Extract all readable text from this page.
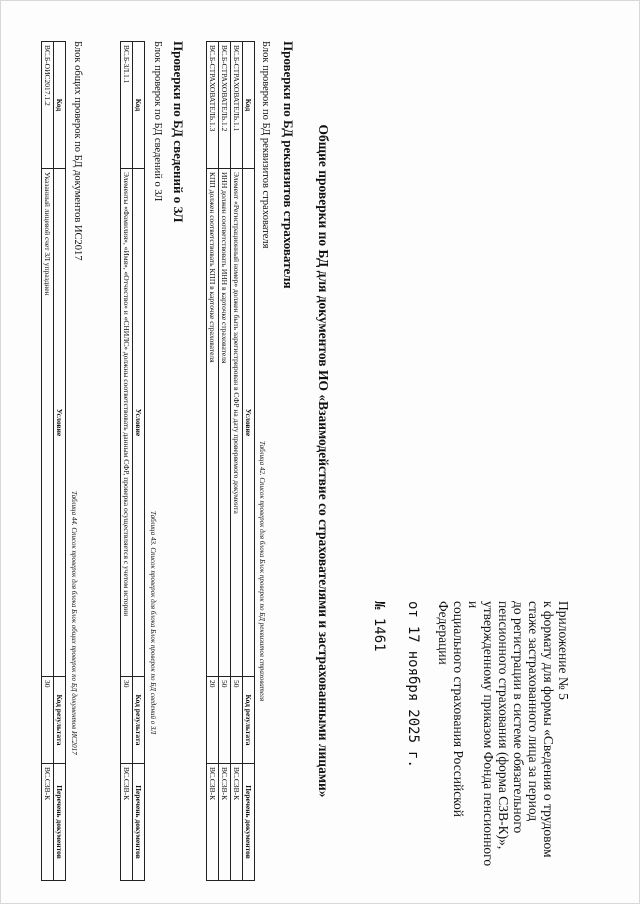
Приложение № 5
к формату для формы «Сведения о трудовом
стаже застрахованного лица за период
до регистрации в системе обязательного
пенсионного страхования (форма СЗВ-К)»,
утвержденному приказом Фонда пенсионного и
социального страхования Российской Федерации
от17ноября2025г.
№ 1461
Общие проверки по БД для документов ИО «Взаимодействие со страхователями и застрахованными лицами»
Проверки по БД реквизитов страхователя
Блок проверок по БД реквизитов страхователя
Таблица 42. Список проверок для блока Блок проверок по БД реквизитов страхователя
Код	Условие	Код результата	Перечень документов
ВС.Б-СТРАХОВАТЕЛЬ.1.1	Элемент «Регистрационный номер» должен быть зарегистрирован в СФР на дату проверяемого документа	50	ВС.СЗВ-К
ВС.Б-СТРАХОВАТЕЛЬ.1.2	ИНН должен соответствовать ИНН в карточке страхователя	50	ВС.СЗВ-К
ВС.Б-СТРАХОВАТЕЛЬ.1.3	КПП должен соответствовать КПП в карточке страхователя	20	ВС.СЗВ-К
Проверки по БД сведений о ЗЛ
Блок проверок по БД сведений о ЗЛ
Таблица 43. Список проверок для блока Блок проверок по БД сведений о ЗЛ
Код	Условие	Код результата	Перечень документов
ВС.Б-ЗЛ.1.1	Элементы «Фамилия», «Имя», «Отчество» и «СНИЛС» должны соответствовать данным СФР, проверка осуществляется с учетом истории	30	ВС.СЗВ-К
Блок общих проверок по БД документов ИС2017
Таблица 44. Список проверок для блока Блок общих проверок по БД документов ИС2017
Код	Условие	Код результата	Перечень документов
ВС.Б-ОИС2017.1.2	Указанный лицевой счет ЗЛ упразднен	30	ВС.СЗВ-К
